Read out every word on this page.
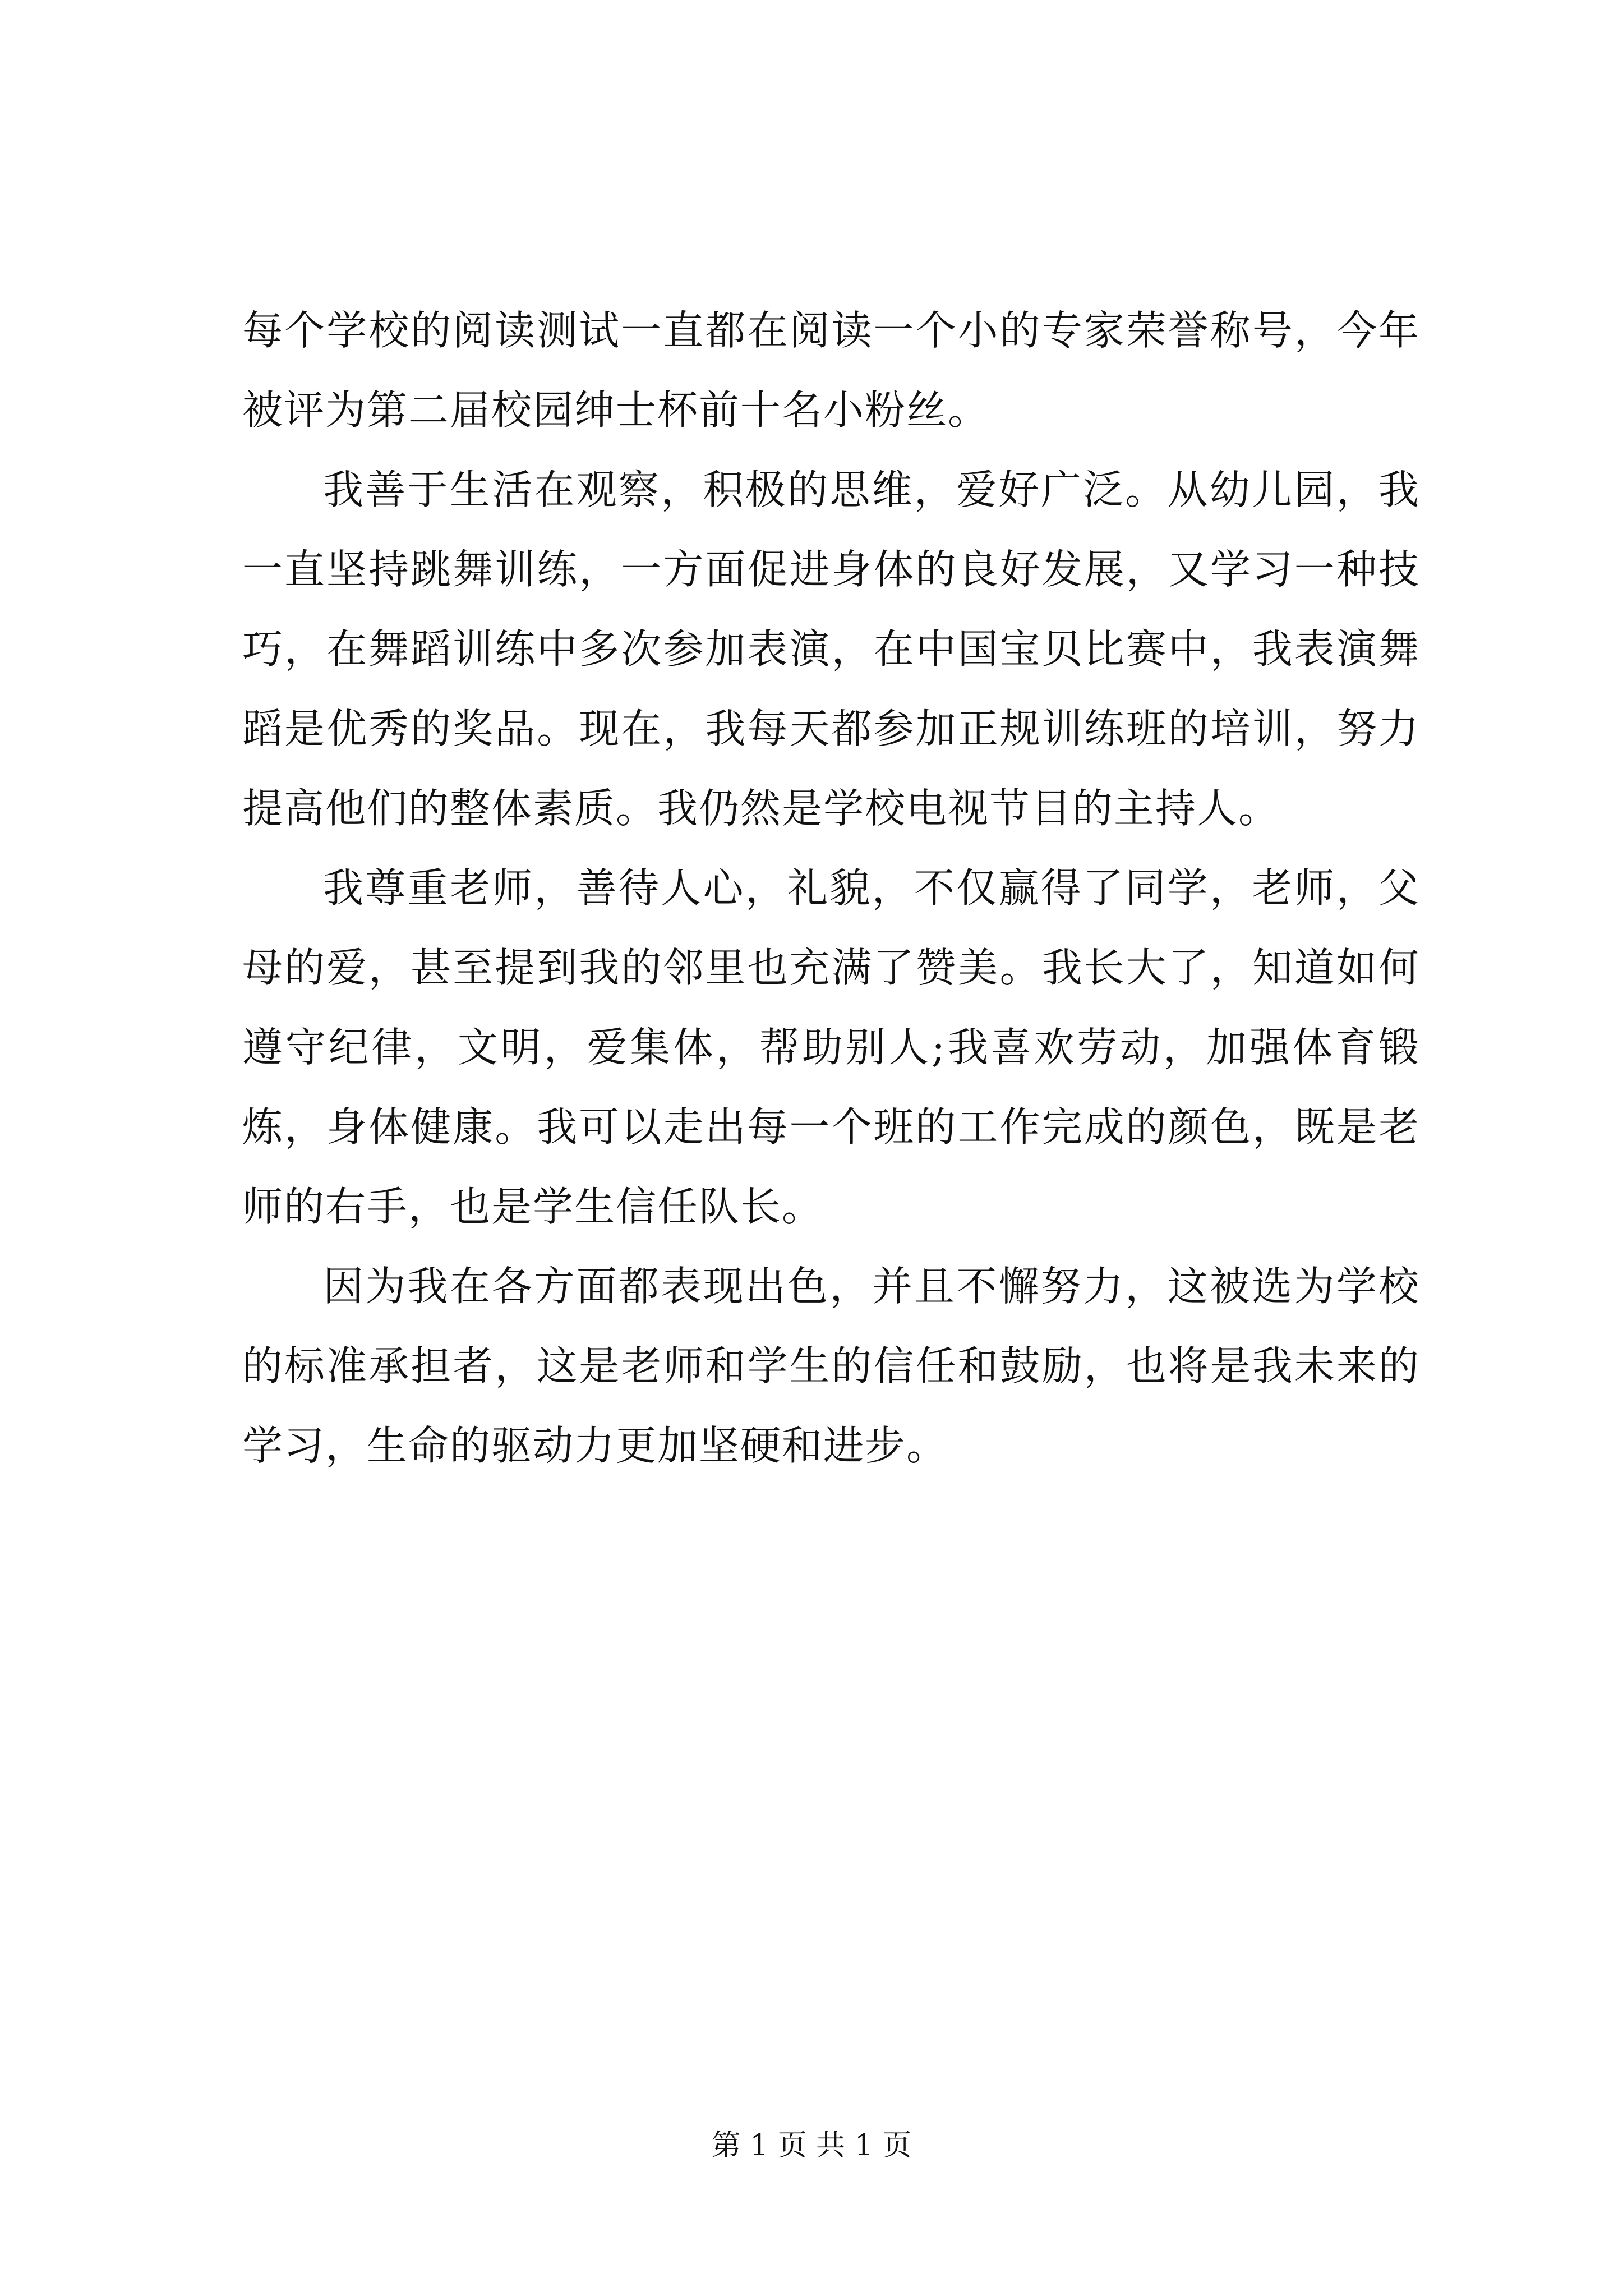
每个学校的阅读测试一直都在阅读一个小的专家荣誉称号，今年被评为第二届校园绅士杯前十名小粉丝。

我善于生活在观察，积极的思维，爱好广泛。从幼儿园，我一直坚持跳舞训练，一方面促进身体的良好发展，又学习一种技巧，在舞蹈训练中多次参加表演，在中国宝贝比赛中，我表演舞蹈是优秀的奖品。现在，我每天都参加正规训练班的培训，努力提高他们的整体素质。我仍然是学校电视节目的主持人。

我尊重老师，善待人心，礼貌，不仅赢得了同学，老师，父母的爱，甚至提到我的邻里也充满了赞美。我长大了，知道如何遵守纪律，文明，爱集体，帮助别人;我喜欢劳动，加强体育锻炼，身体健康。我可以走出每一个班的工作完成的颜色，既是老师的右手，也是学生信任队长。

因为我在各方面都表现出色，并且不懈努力，这被选为学校的标准承担者，这是老师和学生的信任和鼓励，也将是我未来的学习，生命的驱动力更加坚硬和进步。

第 1 页 共 1 页
